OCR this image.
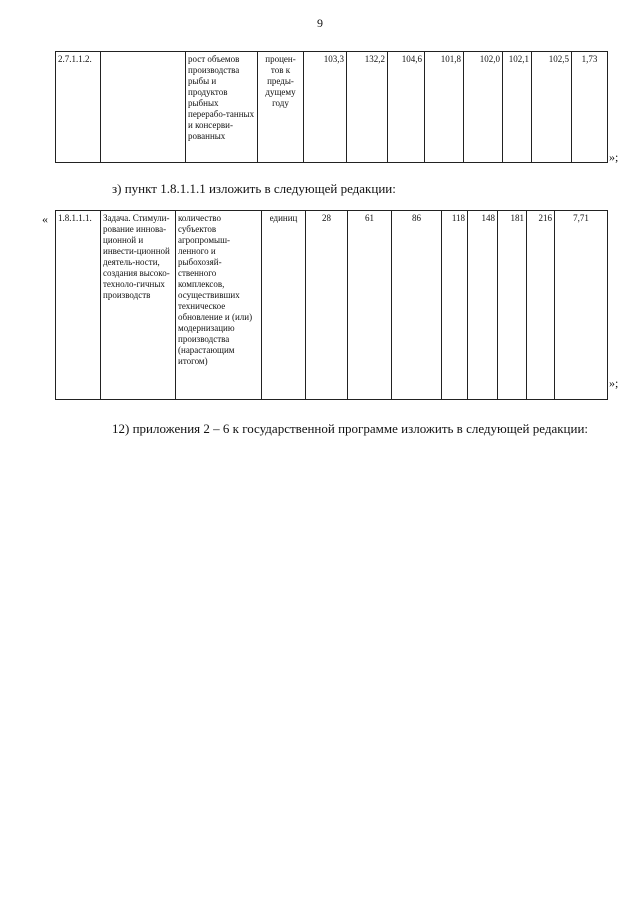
9
2.7.1.1.2.		рост объемов производства рыбы и продуктов рыбных перерабо-танных и консерви-рованных	процен-тов к преды-дущему году	103,3	132,2	104,6	101,8	102,0	102,1	102,5	1,73
»;
з) пункт 1.8.1.1.1 изложить в следующей редакции:
« 1.8.1.1.1.	Задача. Стимули-рование иннова-ционной и инвести-ционной деятель-ности, создания высоко-техноло-гичных производств	количество субъектов агропромыш-ленного и рыбохозяй-ственного комплексов, осуществивших техническое обновление и (или) модернизацию производства (нарастающим итогом)	единиц	28	61	86	118	148	181	216	7,71
»;
12) приложения 2 – 6 к государственной программе изложить в следующей редакции:
